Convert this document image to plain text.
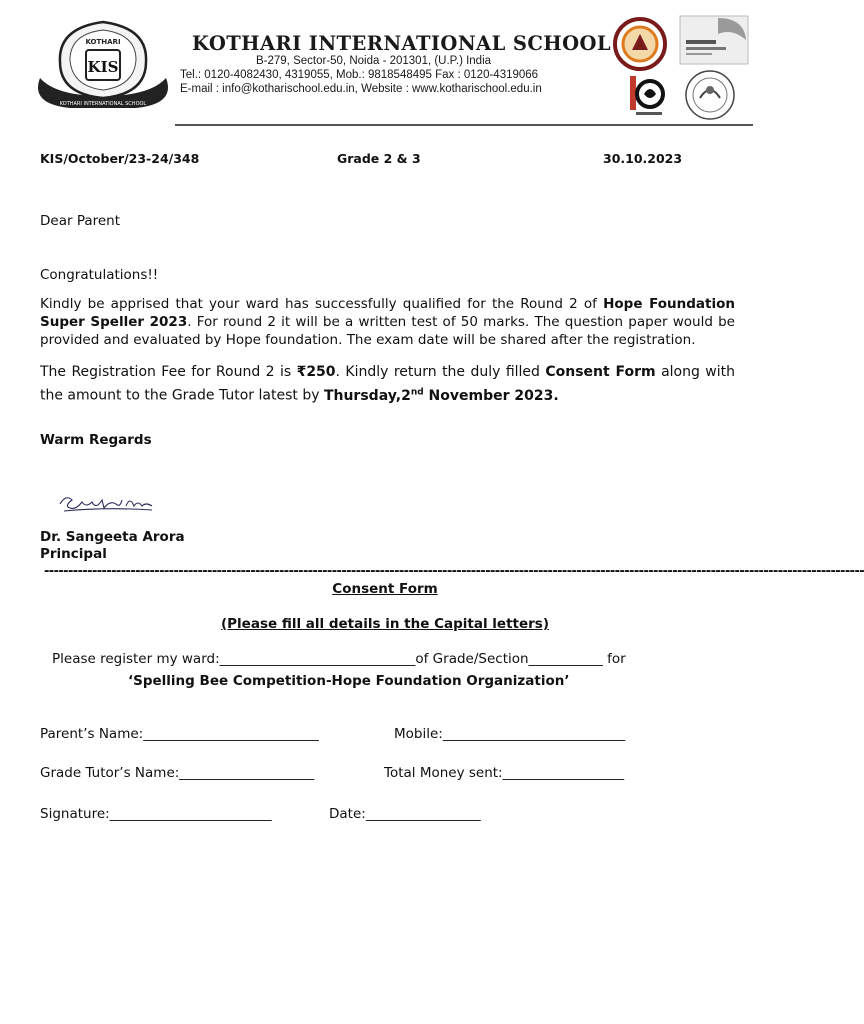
KIS
KOTHARI
KOTHARI INTERNATIONAL SCHOOL
KOTHARI INTERNATIONAL SCHOOL
B-279, Sector-50, Noida - 201301, (U.P.) India
Tel.: 0120-4082430, 4319055, Mob.: 9818548495 Fax : 0120-4319066
E-mail : info@kotharischool.edu.in, Website : www.kotharischool.edu.in
KIS/October/23-24/348	Grade 2 & 3	30.10.2023
Dear Parent
Congratulations!!
Kindly be apprised that your ward has successfully qualified for the Round 2 of Hope Foundation Super Speller 2023. For round 2 it will be a written test of 50 marks. The question paper would be provided and evaluated by Hope foundation. The exam date will be shared after the registration.
The Registration Fee for Round 2 is ₹250. Kindly return the duly filled Consent Form along with the amount to the Grade Tutor latest by Thursday,2nd November 2023.
Warm Regards
Dr. Sangeeta Arora
Principal
---------------------------------------------------------------------------------------------------------------------------------------------------------------------------
Consent Form
(Please fill all details in the Capital letters)
Please register my ward:_____________________________of Grade/Section___________ for
‘Spelling Bee Competition-Hope Foundation Organization’
Parent’s Name:__________________________	Mobile:___________________________
Grade Tutor’s Name:____________________	Total Money sent:__________________
Signature:________________________	Date:_________________
